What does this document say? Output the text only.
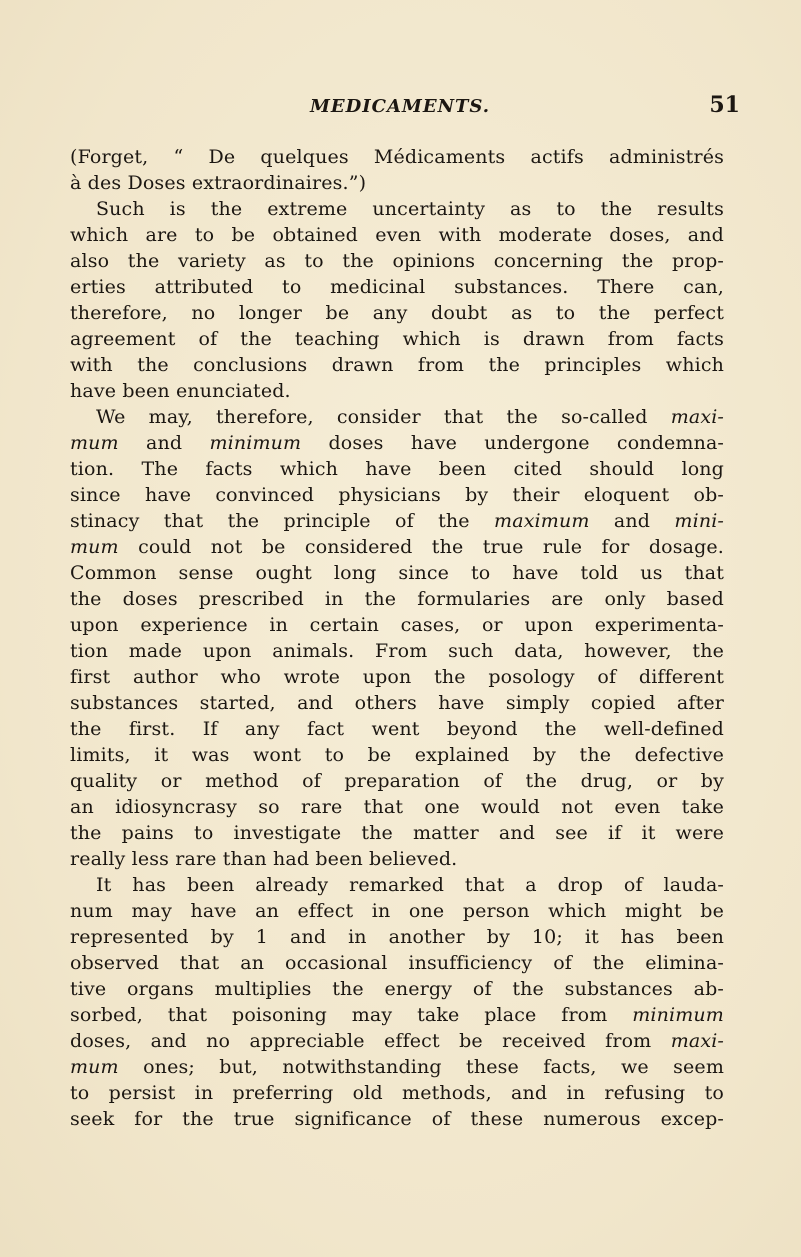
MEDICAMENTS.	51
(Forget, “ De quelques Médicaments actifs administrés
à des Doses extraordinaires.”)
Such is the extreme uncertainty as to the results
which are to be obtained even with moderate doses, and
also the variety as to the opinions concerning the prop-
erties attributed to medicinal substances. There can,
therefore, no longer be any doubt as to the perfect
agreement of the teaching which is drawn from facts
with the conclusions drawn from the principles which
have been enunciated.
We may, therefore, consider that the so-called maxi-
mum and minimum doses have undergone condemna-
tion. The facts which have been cited should long
since have convinced physicians by their eloquent ob-
stinacy that the principle of the maximum and mini-
mum could not be considered the true rule for dosage.
Common sense ought long since to have told us that
the doses prescribed in the formularies are only based
upon experience in certain cases, or upon experimenta-
tion made upon animals. From such data, however, the
first author who wrote upon the posology of different
substances started, and others have simply copied after
the first. If any fact went beyond the well-defined
limits, it was wont to be explained by the defective
quality or method of preparation of the drug, or by
an idiosyncrasy so rare that one would not even take
the pains to investigate the matter and see if it were
really less rare than had been believed.
It has been already remarked that a drop of lauda-
num may have an effect in one person which might be
represented by 1 and in another by 10; it has been
observed that an occasional insufficiency of the elimina-
tive organs multiplies the energy of the substances ab-
sorbed, that poisoning may take place from minimum
doses, and no appreciable effect be received from maxi-
mum ones; but, notwithstanding these facts, we seem
to persist in preferring old methods, and in refusing to
seek for the true significance of these numerous excep-
